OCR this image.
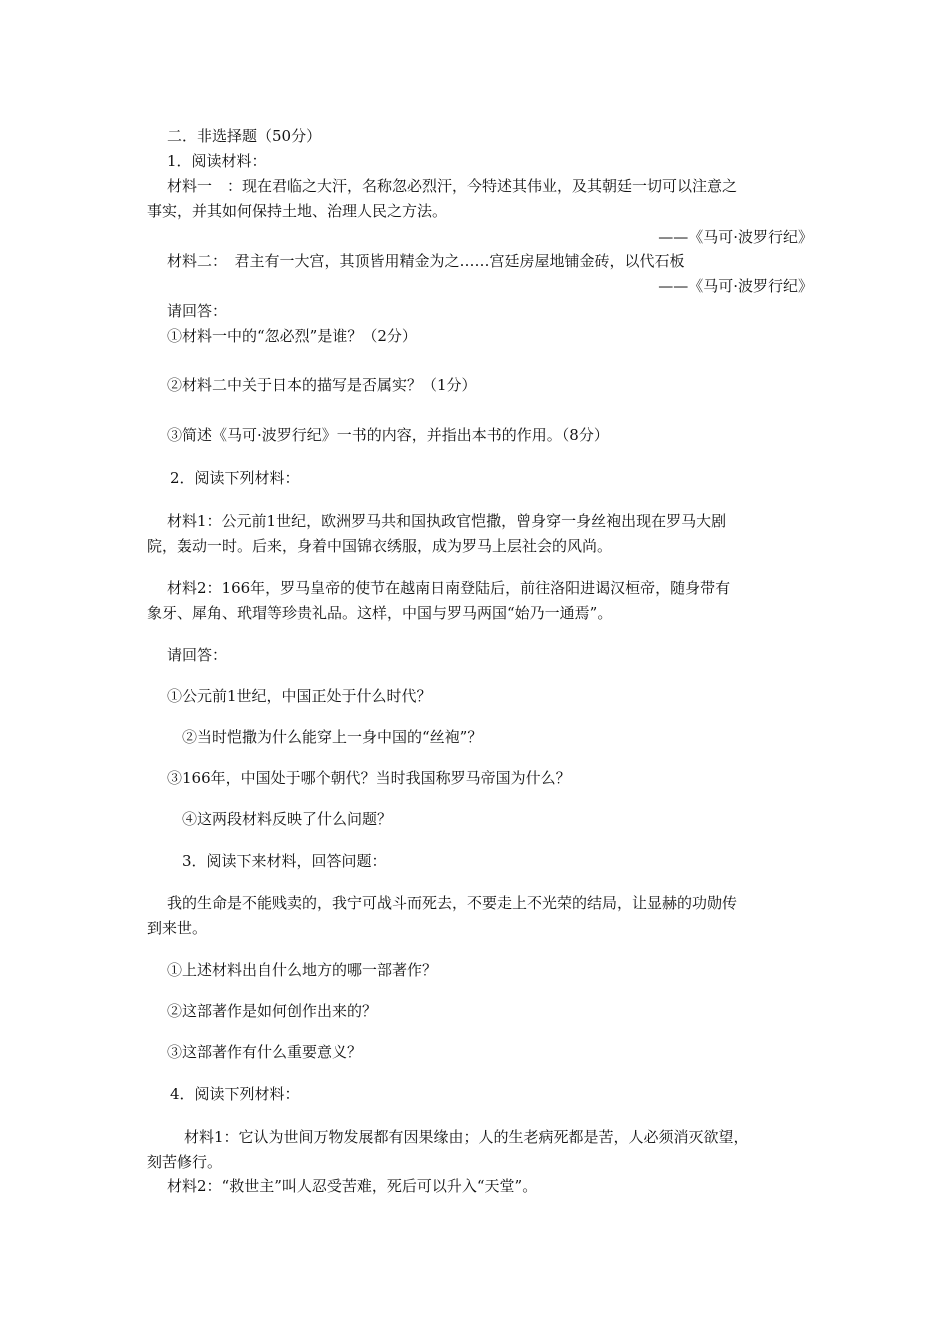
二．非选择题（50分）

1．阅读材料：

材料一　：现在君临之大汗，名称忽必烈汗，今特述其伟业，及其朝廷一切可以注意之

事实，并其如何保持土地、治理人民之方法。

——《马可·波罗行纪》

材料二：　君主有一大宫，其顶皆用精金为之……宫廷房屋地铺金砖，以代石板

——《马可·波罗行纪》

请回答：

①材料一中的“忽必烈”是谁？（2分）

②材料二中关于日本的描写是否属实？（1分）

③简述《马可·波罗行纪》一书的内容，并指出本书的作用。（8分）

2．阅读下列材料：

材料1：公元前1世纪，欧洲罗马共和国执政官恺撒，曾身穿一身丝袍出现在罗马大剧

院，轰动一时。后来，身着中国锦衣绣服，成为罗马上层社会的风尚。

材料2：166年，罗马皇帝的使节在越南日南登陆后，前往洛阳进谒汉桓帝，随身带有

象牙、犀角、玳瑁等珍贵礼品。这样，中国与罗马两国“始乃一通焉”。

请回答：

①公元前1世纪，中国正处于什么时代？

②当时恺撒为什么能穿上一身中国的“丝袍”？

③166年，中国处于哪个朝代？当时我国称罗马帝国为什么？

④这两段材料反映了什么问题？

3．阅读下来材料，回答问题：

我的生命是不能贱卖的，我宁可战斗而死去，不要走上不光荣的结局，让显赫的功勋传

到来世。

①上述材料出自什么地方的哪一部著作？

②这部著作是如何创作出来的？

③这部著作有什么重要意义？

4．阅读下列材料：

材料1：它认为世间万物发展都有因果缘由；人的生老病死都是苦，人必须消灭欲望，

刻苦修行。

材料2：“救世主”叫人忍受苦难，死后可以升入“天堂”。
